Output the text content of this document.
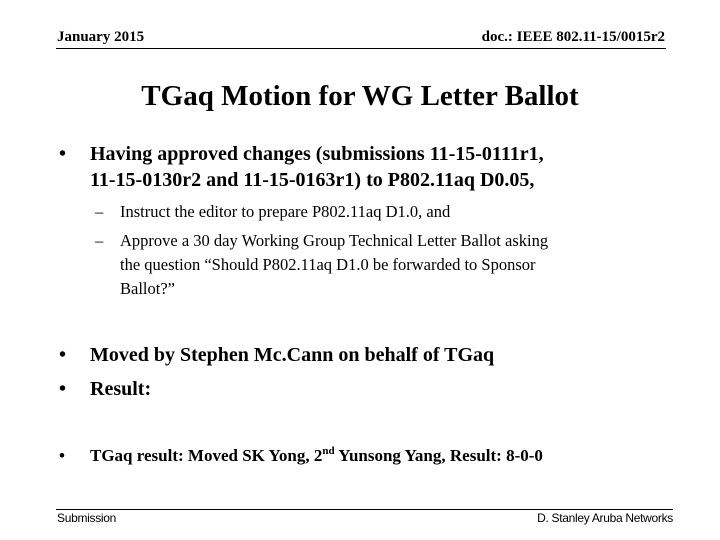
January 2015	doc.: IEEE 802.11-15/0015r2
TGaq Motion for WG Letter Ballot
• Having approved changes (submissions 11-15-0111r1,
11-15-0130r2 and 11-15-0163r1) to P802.11aq D0.05,
– Instruct the editor to prepare P802.11aq D1.0, and
– Approve a 30 day Working Group Technical Letter Ballot asking
the question “Should P802.11aq D1.0 be forwarded to Sponsor
Ballot?”
• Moved by Stephen Mc.Cann on behalf of TGaq
• Result:
• TGaq result: Moved SK Yong, 2nd Yunsong Yang, Result: 8-0-0
Submission	D. Stanley Aruba Networks
